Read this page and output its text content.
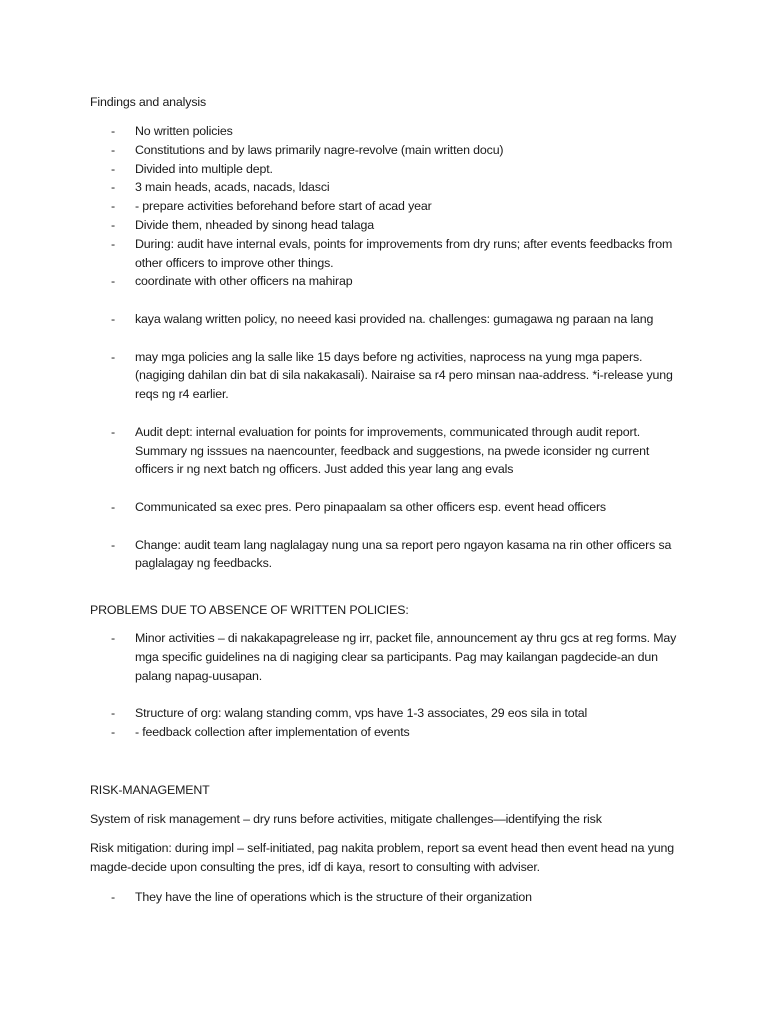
Findings and analysis

- No written policies
- Constitutions and by laws primarily nagre-revolve (main written docu)
- Divided into multiple dept.
- 3 main heads, acads, nacads, ldasci
- - prepare activities beforehand before start of acad year
- Divide them, nheaded by sinong head talaga
- During: audit have internal evals, points for improvements from dry runs; after events feedbacks from other officers to improve other things.
- coordinate with other officers na mahirap
- kaya walang written policy, no neeed kasi provided na. challenges: gumagawa ng paraan na lang
- may mga policies ang la salle like 15 days before ng activities, naprocess na yung mga papers. (nagiging dahilan din bat di sila nakakasali). Nairaise sa r4 pero minsan naa-address. *i-release yung reqs ng r4 earlier.
- Audit dept: internal evaluation for points for improvements, communicated through audit report. Summary ng isssues na naencounter, feedback and suggestions, na pwede iconsider ng current officers ir ng next batch ng officers. Just added this year lang ang evals
- Communicated sa exec pres. Pero pinapaalam sa other officers esp. event head officers
- Change: audit team lang naglalagay nung una sa report pero ngayon kasama na rin other officers sa paglalagay ng feedbacks.

PROBLEMS DUE TO ABSENCE OF WRITTEN POLICIES:

- Minor activities – di nakakapagrelease ng irr, packet file, announcement ay thru gcs at reg forms. May mga specific guidelines na di nagiging clear sa participants. Pag may kailangan pagdecide-an dun palang napag-uusapan.
- Structure of org: walang standing comm, vps have 1-3 associates, 29 eos sila in total
- - feedback collection after implementation of events

RISK-MANAGEMENT

System of risk management – dry runs before activities, mitigate challenges—identifying the risk

Risk mitigation: during impl – self-initiated, pag nakita problem, report sa event head then event head na yung magde-decide upon consulting the pres, idf di kaya, resort to consulting with adviser.

- They have the line of operations which is the structure of their organization
